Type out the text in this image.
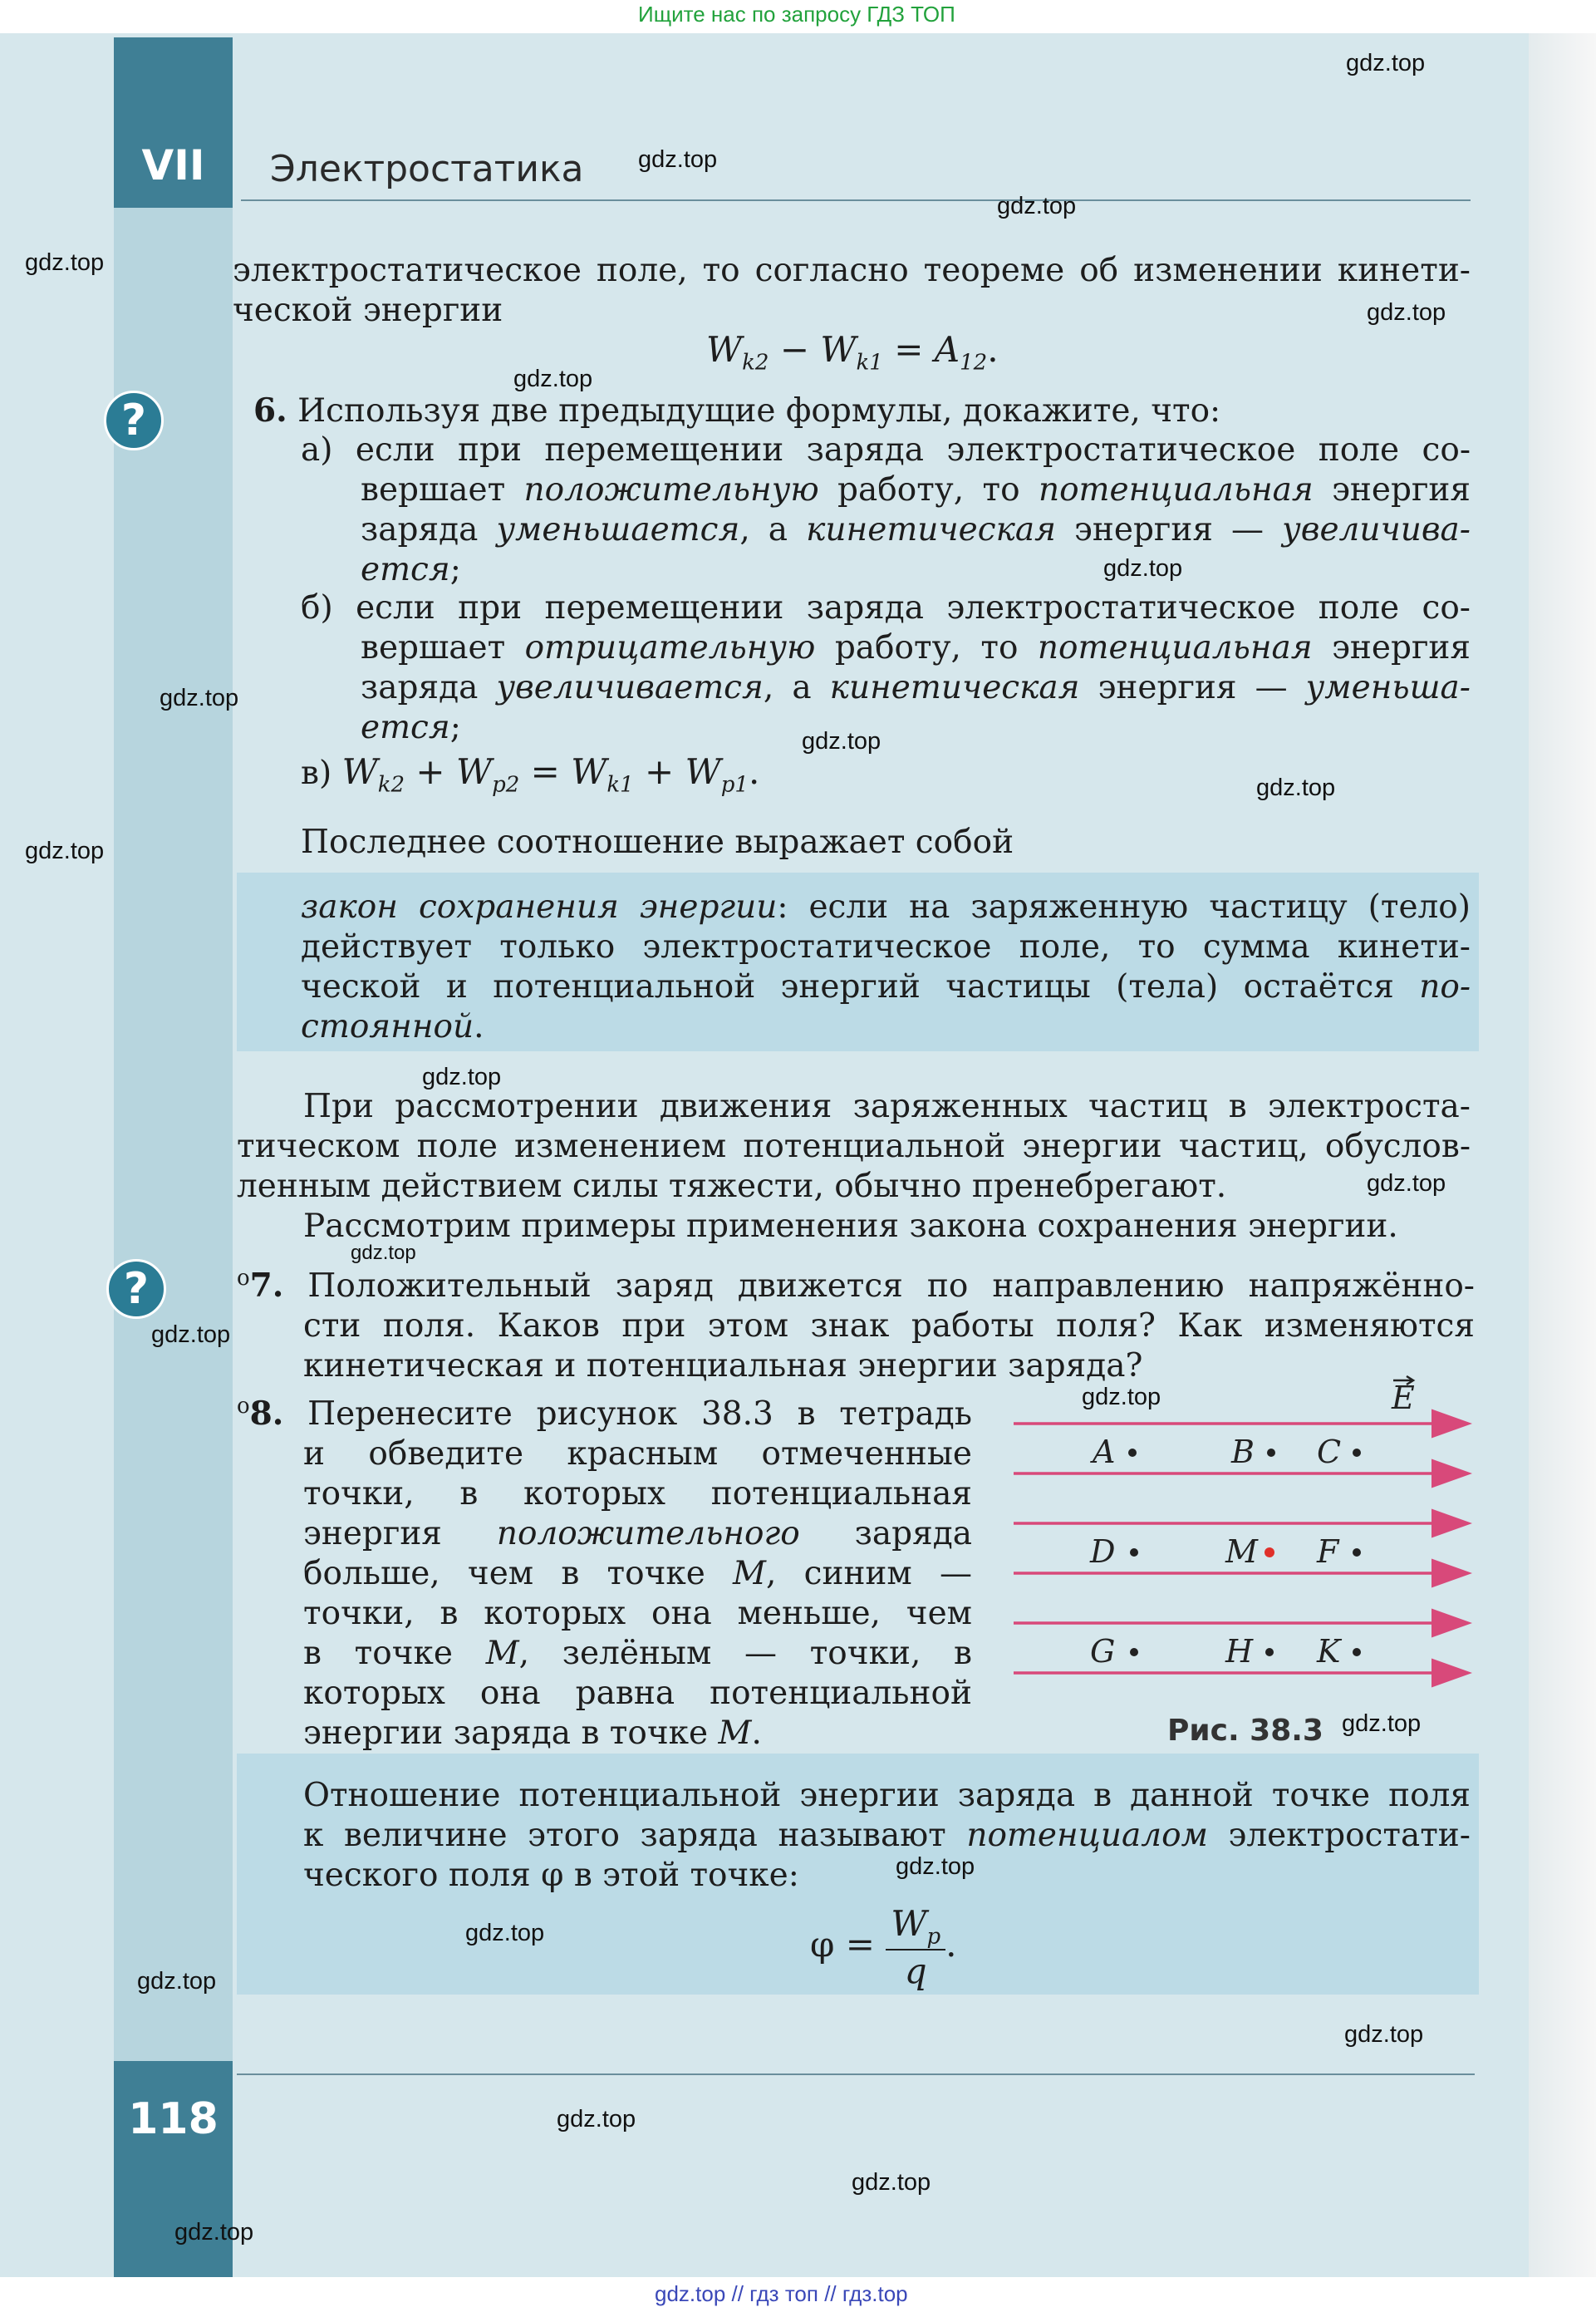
Ищите нас по запросу ГДЗ ТОП
VII	Электростатика
электростатическое поле, то согласно теореме об изменении кинети-
ческой энергии
$W_{k2} - W_{k1} = A_{12}$.
?	6. Используя две предыдущие формулы, докажите, что:
а) если при перемещении заряда электростатическое поле со-
вершает положительную работу, то потенциальная энергия
заряда уменьшается, а кинетическая энергия — увеличива-
ется;
б) если при перемещении заряда электростатическое поле со-
вершает отрицательную работу, то потенциальная энергия
заряда увеличивается, а кинетическая энергия — уменьша-
ется;
в) $W_{k2} + W_{p2} = W_{k1} + W_{p1}$.
Последнее соотношение выражает собой
закон сохранения энергии: если на заряженную частицу (тело)
действует только электростатическое поле, то сумма кинети-
ческой и потенциальной энергий частицы (тела) остаётся по-
стоянной.
При рассмотрении движения заряженных частиц в электроста-
тическом поле изменением потенциальной энергии частиц, обуслов-
ленным действием силы тяжести, обычно пренебрегают.
Рассмотрим примеры применения закона сохранения энергии.
?	$^о$7. Положительный заряд движется по направлению напряжённо-
сти поля. Каков при этом знак работы поля? Как изменяются
кинетическая и потенциальная энергии заряда?
$^о$8. Перенесите рисунок 38.3 в тетрадь
и обведите красным отмеченные
точки, в которых потенциальная
энергия положительного заряда
больше, чем в точке M, синим —
точки, в которых она меньше, чем
в точке M, зелёным — точки, в
которых она равна потенциальной
энергии заряда в точке M.
E
A	B C
D	M F
G	H K
Рис. 38.3
Отношение потенциальной энергии заряда в данной точке поля
к величине этого заряда называют потенциалом электростати-
ческого поля φ в этой точке:
$\varphi = \frac{W_p}{q}$ .
118
gdz.top
gdz.top
gdz.top
gdz.top
gdz.top
gdz.top
gdz.top
gdz.top
gdz.top
gdz.top
gdz.top
gdz.top
gdz.top
gdz.top
gdz.top
gdz.top
gdz.top
gdz.top
gdz.top
gdz.top
gdz.top
gdz.top
gdz.top
gdz.top
gdz.top // гдз топ // гдз.top
